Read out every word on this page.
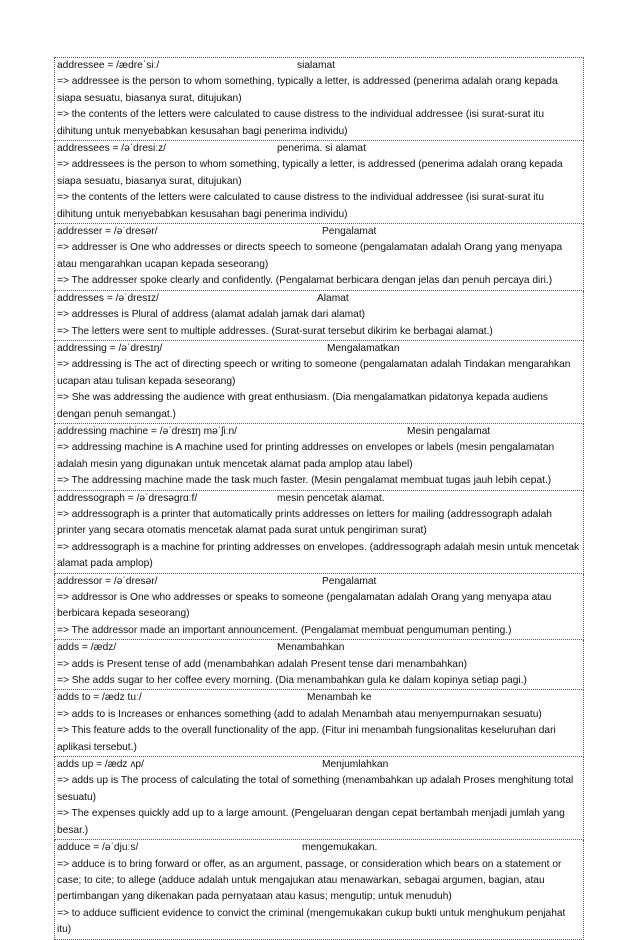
addressee = /ædreˈsiː/	sialamat
=> addressee is the person to whom something, typically a letter, is addressed (penerima adalah orang kepada siapa sesuatu, biasanya surat, ditujukan)
=> the contents of the letters were calculated to cause distress to the individual addressee (isi surat-surat itu dihitung untuk menyebabkan kesusahan bagi penerima individu)
addressees = /əˈdresiːz/	penerima. si alamat
=> addressees is the person to whom something, typically a letter, is addressed (penerima adalah orang kepada siapa sesuatu, biasanya surat, ditujukan)
=> the contents of the letters were calculated to cause distress to the individual addressee (isi surat-surat itu dihitung untuk menyebabkan kesusahan bagi penerima individu)
addresser = /əˈdresər/	Pengalamat
=> addresser is One who addresses or directs speech to someone (pengalamatan adalah Orang yang menyapa atau mengarahkan ucapan kepada seseorang)
=> The addresser spoke clearly and confidently. (Pengalamat berbicara dengan jelas dan penuh percaya diri.)
addresses = /əˈdresɪz/	Alamat
=> addresses is Plural of address (alamat adalah jamak dari alamat)
=> The letters were sent to multiple addresses. (Surat-surat tersebut dikirim ke berbagai alamat.)
addressing = /əˈdresɪŋ/	Mengalamatkan
=> addressing is The act of directing speech or writing to someone (pengalamatan adalah Tindakan mengarahkan ucapan atau tulisan kepada seseorang)
=> She was addressing the audience with great enthusiasm. (Dia mengalamatkan pidatonya kepada audiens dengan penuh semangat.)
addressing machine = /əˈdresɪŋ məˈʃiːn/	Mesin pengalamat
=> addressing machine is A machine used for printing addresses on envelopes or labels (mesin pengalamatan adalah mesin yang digunakan untuk mencetak alamat pada amplop atau label)
=> The addressing machine made the task much faster. (Mesin pengalamat membuat tugas jauh lebih cepat.)
addressograph = /əˈdresəgrɑːf/	mesin pencetak alamat.
=> addressograph is a printer that automatically prints addresses on letters for mailing (addressograph adalah printer yang secara otomatis mencetak alamat pada surat untuk pengiriman surat)
=> addressograph is a machine for printing addresses on envelopes. (addressograph adalah mesin untuk mencetak alamat pada amplop)
addressor = /əˈdresər/	Pengalamat
=> addressor is One who addresses or speaks to someone (pengalamatan adalah Orang yang menyapa atau berbicara kepada seseorang)
=> The addressor made an important announcement. (Pengalamat membuat pengumuman penting.)
adds = /ædz/	Menambahkan
=> adds is Present tense of add (menambahkan adalah Present tense dari menambahkan)
=> She adds sugar to her coffee every morning. (Dia menambahkan gula ke dalam kopinya setiap pagi.)
adds to = /ædz tuː/	Menambah ke
=> adds to is Increases or enhances something (add to adalah Menambah atau menyempurnakan sesuatu)
=> This feature adds to the overall functionality of the app. (Fitur ini menambah fungsionalitas keseluruhan dari aplikasi tersebut.)
adds up = /ædz ʌp/	Menjumlahkan
=> adds up is The process of calculating the total of something (menambahkan up adalah Proses menghitung total sesuatu)
=> The expenses quickly add up to a large amount. (Pengeluaran dengan cepat bertambah menjadi jumlah yang besar.)
adduce = /əˈdjuːs/	mengemukakan.
=> adduce is to bring forward or offer, as an argument, passage, or consideration which bears on a statement or case; to cite; to allege (adduce adalah untuk mengajukan atau menawarkan, sebagai argumen, bagian, atau pertimbangan yang dikenakan pada pernyataan atau kasus; mengutip; untuk menuduh)
=> to adduce sufficient evidence to convict the criminal (mengemukakan cukup bukti untuk menghukum penjahat itu)
